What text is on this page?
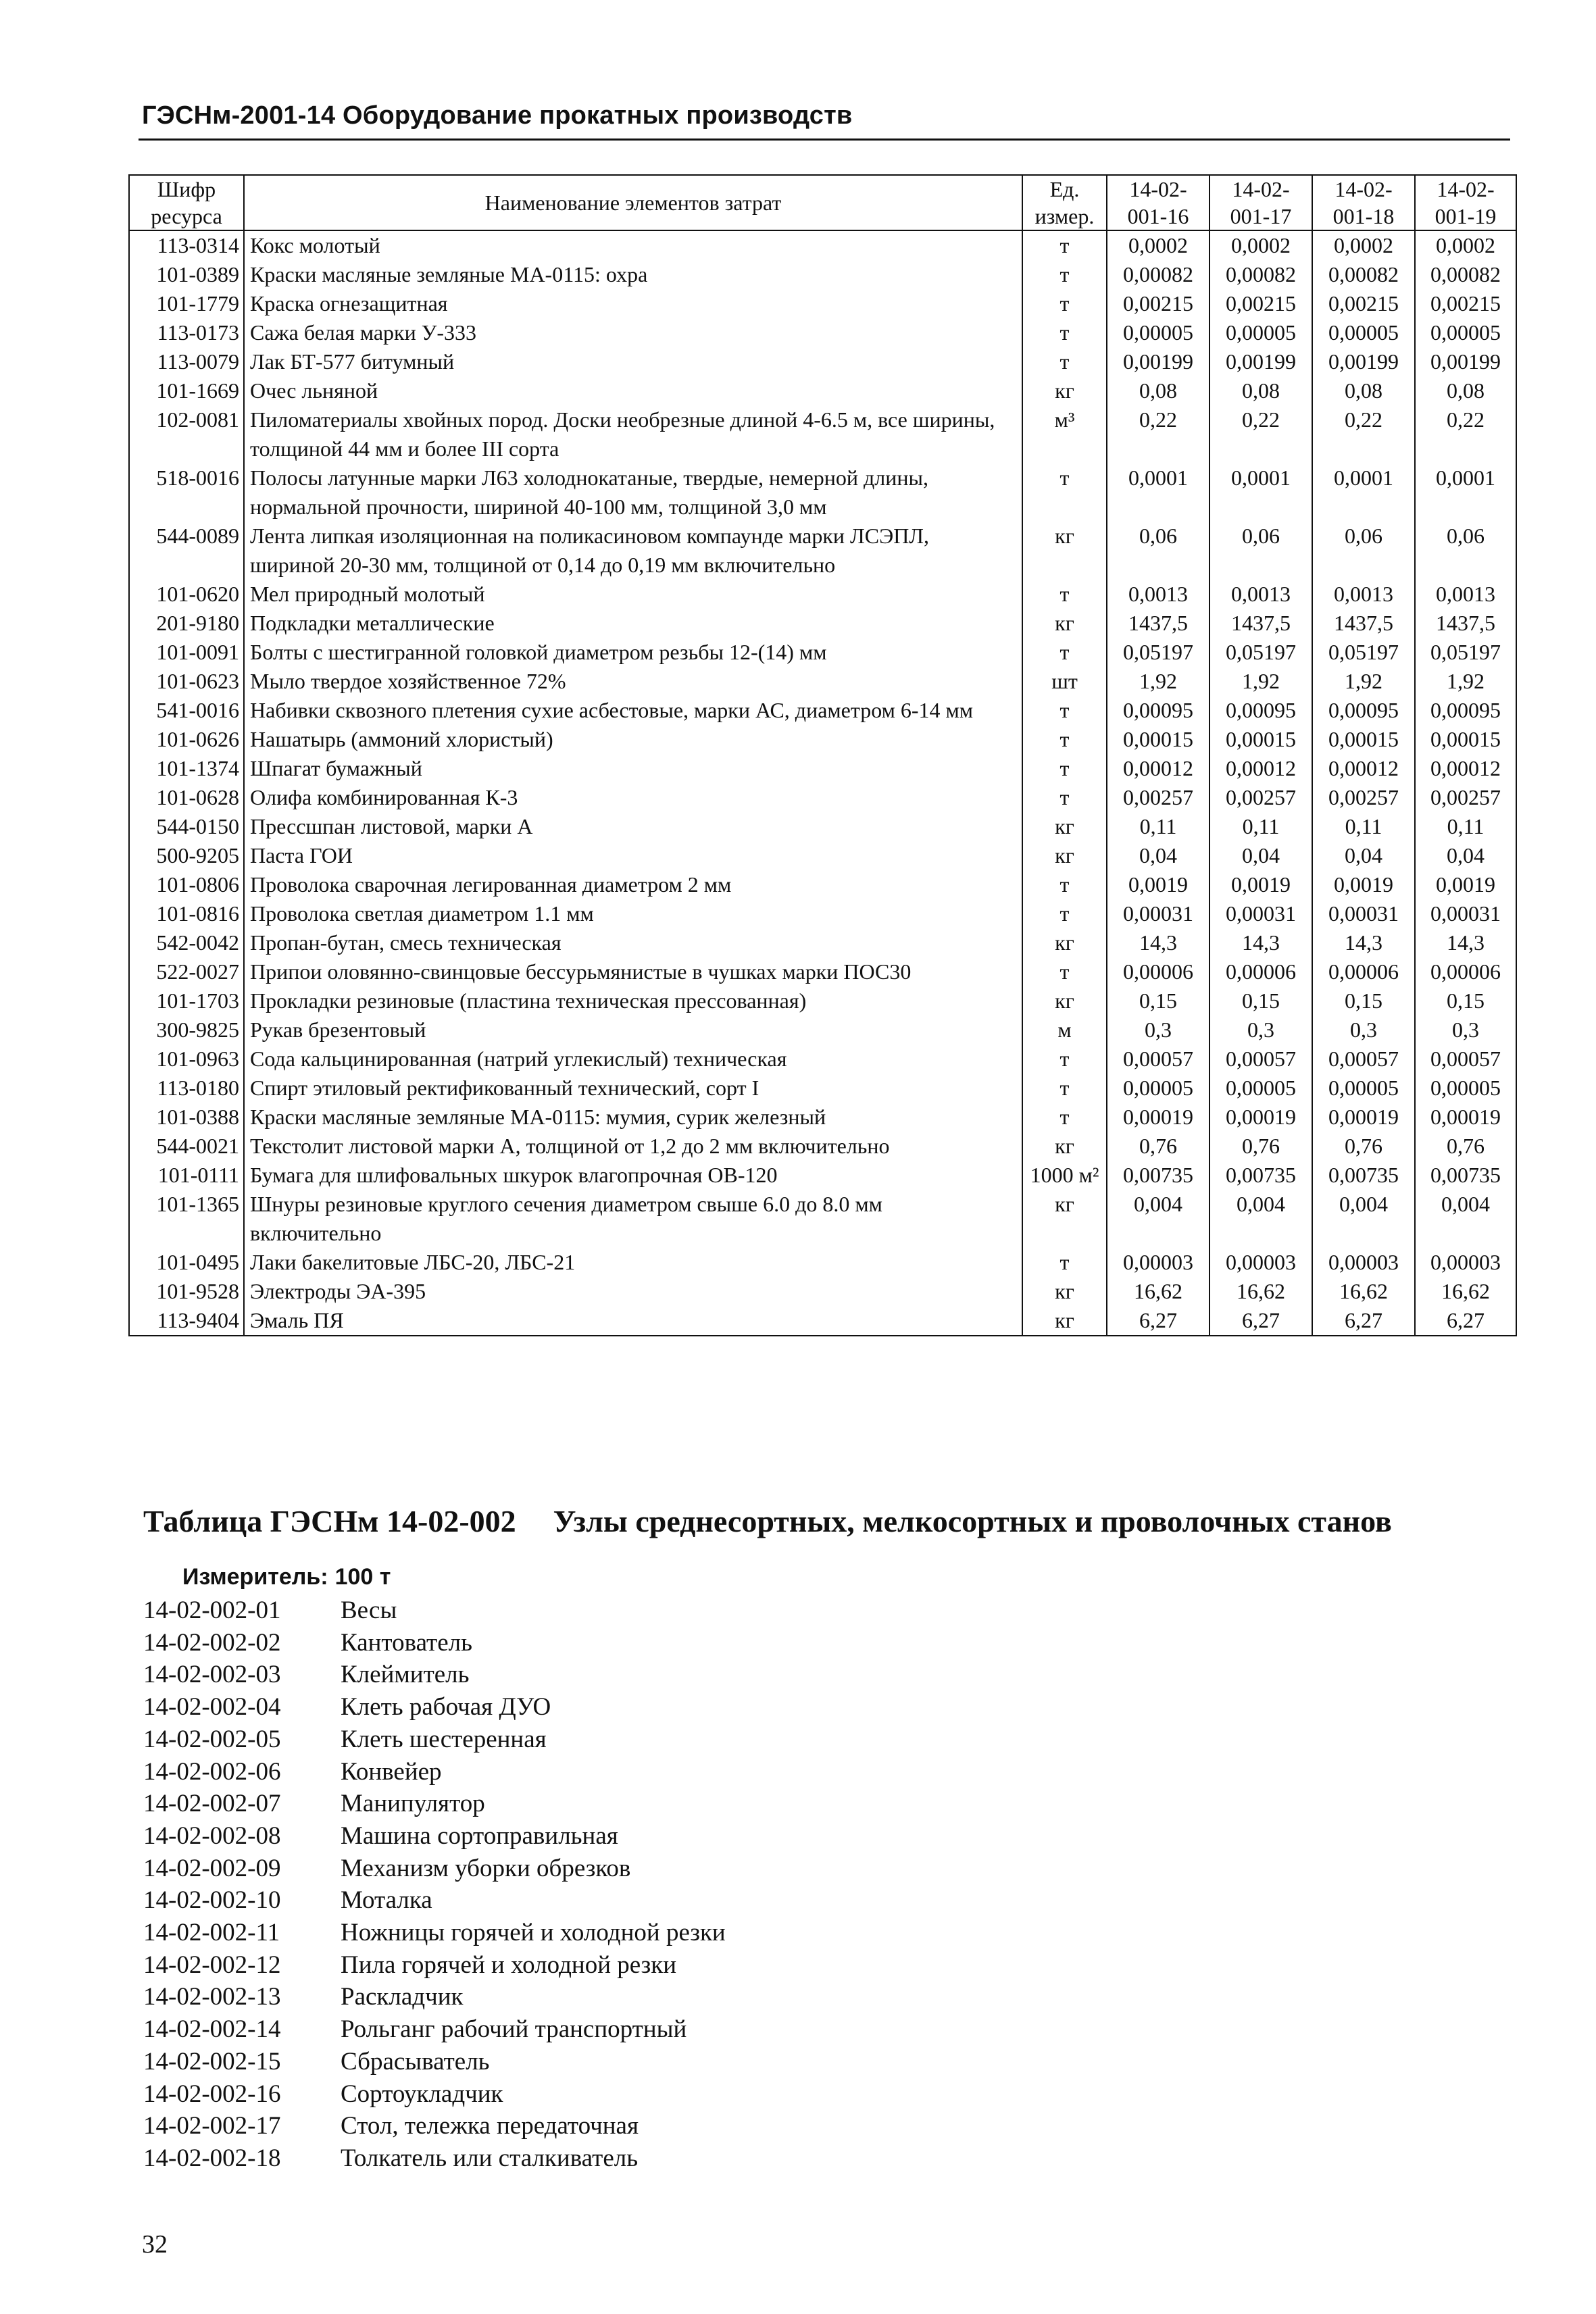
ГЭСНм-2001-14 Оборудование прокатных производств
Шифр ресурса	Наименование элементов затрат	Ед. измер.	14-02-001-16	14-02-001-17	14-02-001-18	14-02-001-19
113-0314	Кокс молотый	т	0,0002	0,0002	0,0002	0,0002
101-0389	Краски масляные земляные МА-0115: охра	т	0,00082	0,00082	0,00082	0,00082
101-1779	Краска огнезащитная	т	0,00215	0,00215	0,00215	0,00215
113-0173	Сажа белая марки У-333	т	0,00005	0,00005	0,00005	0,00005
113-0079	Лак БТ-577 битумный	т	0,00199	0,00199	0,00199	0,00199
101-1669	Очес льняной	кг	0,08	0,08	0,08	0,08
102-0081	Пиломатериалы хвойных пород. Доски необрезные длиной 4-6.5 м, все ширины, толщиной 44 мм и более III сорта	м³	0,22	0,22	0,22	0,22
518-0016	Полосы латунные марки Л63 холоднокатаные, твердые, немерной длины, нормальной прочности, шириной 40-100 мм, толщиной 3,0 мм	т	0,0001	0,0001	0,0001	0,0001
544-0089	Лента липкая изоляционная на поликасиновом компаунде марки ЛСЭПЛ, шириной 20-30 мм, толщиной от 0,14 до 0,19 мм включительно	кг	0,06	0,06	0,06	0,06
101-0620	Мел природный молотый	т	0,0013	0,0013	0,0013	0,0013
201-9180	Подкладки металлические	кг	1437,5	1437,5	1437,5	1437,5
101-0091	Болты с шестигранной головкой диаметром резьбы 12-(14) мм	т	0,05197	0,05197	0,05197	0,05197
101-0623	Мыло твердое хозяйственное 72%	шт	1,92	1,92	1,92	1,92
541-0016	Набивки сквозного плетения сухие асбестовые, марки АС, диаметром 6-14 мм	т	0,00095	0,00095	0,00095	0,00095
101-0626	Нашатырь (аммоний хлористый)	т	0,00015	0,00015	0,00015	0,00015
101-1374	Шпагат бумажный	т	0,00012	0,00012	0,00012	0,00012
101-0628	Олифа комбинированная К-3	т	0,00257	0,00257	0,00257	0,00257
544-0150	Прессшпан листовой, марки А	кг	0,11	0,11	0,11	0,11
500-9205	Паста ГОИ	кг	0,04	0,04	0,04	0,04
101-0806	Проволока сварочная легированная диаметром 2 мм	т	0,0019	0,0019	0,0019	0,0019
101-0816	Проволока светлая диаметром 1.1 мм	т	0,00031	0,00031	0,00031	0,00031
542-0042	Пропан-бутан, смесь техническая	кг	14,3	14,3	14,3	14,3
522-0027	Припои оловянно-свинцовые бессурьмянистые в чушках марки ПОС30	т	0,00006	0,00006	0,00006	0,00006
101-1703	Прокладки резиновые (пластина техническая прессованная)	кг	0,15	0,15	0,15	0,15
300-9825	Рукав брезентовый	м	0,3	0,3	0,3	0,3
101-0963	Сода кальцинированная (натрий углекислый) техническая	т	0,00057	0,00057	0,00057	0,00057
113-0180	Спирт этиловый ректификованный технический, сорт I	т	0,00005	0,00005	0,00005	0,00005
101-0388	Краски масляные земляные МА-0115: мумия, сурик железный	т	0,00019	0,00019	0,00019	0,00019
544-0021	Текстолит листовой марки А, толщиной от 1,2 до 2 мм включительно	кг	0,76	0,76	0,76	0,76
101-0111	Бумага для шлифовальных шкурок влагопрочная ОВ-120	1000 м²	0,00735	0,00735	0,00735	0,00735
101-1365	Шнуры резиновые круглого сечения диаметром свыше 6.0 до 8.0 мм включительно	кг	0,004	0,004	0,004	0,004
101-0495	Лаки бакелитовые ЛБС-20, ЛБС-21	т	0,00003	0,00003	0,00003	0,00003
101-9528	Электроды ЭА-395	кг	16,62	16,62	16,62	16,62
113-9404	Эмаль ПЯ	кг	6,27	6,27	6,27	6,27
Таблица ГЭСНм 14-02-002 Узлы среднесортных, мелкосортных и проволочных станов
Измеритель: 100 т
14-02-002-01	Весы
14-02-002-02	Кантователь
14-02-002-03	Клеймитель
14-02-002-04	Клеть рабочая ДУО
14-02-002-05	Клеть шестеренная
14-02-002-06	Конвейер
14-02-002-07	Манипулятор
14-02-002-08	Машина сортоправильная
14-02-002-09	Механизм уборки обрезков
14-02-002-10	Моталка
14-02-002-11	Ножницы горячей и холодной резки
14-02-002-12	Пила горячей и холодной резки
14-02-002-13	Раскладчик
14-02-002-14	Рольганг рабочий транспортный
14-02-002-15	Сбрасыватель
14-02-002-16	Сортоукладчик
14-02-002-17	Стол, тележка передаточная
14-02-002-18	Толкатель или сталкиватель
32
